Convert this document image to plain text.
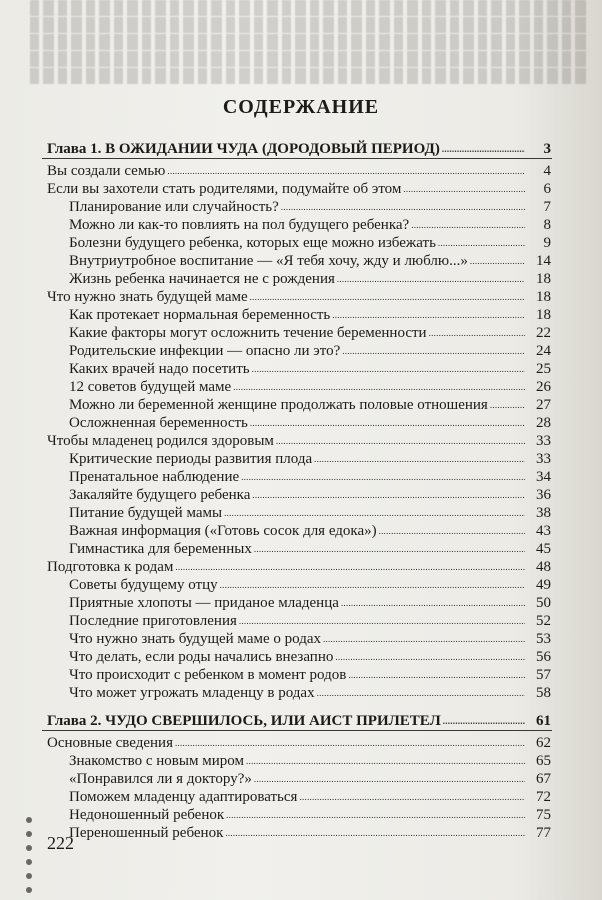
СОДЕРЖАНИЕ
Глава 1. В ОЖИДАНИИ ЧУДА (ДОРОДОВЫЙ ПЕРИОД) . . .	3
Вы создали семью . . .	4
Если вы захотели стать родителями, подумайте об этом . . .	6
Планирование или случайность? . . .	7
Можно ли как-то повлиять на пол будущего ребенка? . . .	8
Болезни будущего ребенка, которых еще можно избежать . . .	9
Внутриутробное воспитание — «Я тебя хочу, жду и люблю...» . . .	14
Жизнь ребенка начинается не с рождения . . .	18
Что нужно знать будущей маме . . .	18
Как протекает нормальная беременность . . .	18
Какие факторы могут осложнить течение беременности . . .	22
Родительские инфекции — опасно ли это? . . .	24
Каких врачей надо посетить . . .	25
12 советов будущей маме . . .	26
Можно ли беременной женщине продолжать половые отношения . . .	27
Осложненная беременность . . .	28
Чтобы младенец родился здоровым . . .	33
Критические периоды развития плода . . .	33
Пренатальное наблюдение . . .	34
Закаляйте будущего ребенка . . .	36
Питание будущей мамы . . .	38
Важная информация («Готовь сосок для едока») . . .	43
Гимнастика для беременных . . .	45
Подготовка к родам . . .	48
Советы будущему отцу . . .	49
Приятные хлопоты — приданое младенца . . .	50
Последние приготовления . . .	52
Что нужно знать будущей маме о родах . . .	53
Что делать, если роды начались внезапно . . .	56
Что происходит с ребенком в момент родов . . .	57
Что может угрожать младенцу в родах . . .	58
Глава 2. ЧУДО СВЕРШИЛОСЬ, ИЛИ АИСТ ПРИЛЕТЕЛ . . .	61
Основные сведения . . .	62
Знакомство с новым миром . . .	65
«Понравился ли я доктору?» . . .	67
Поможем младенцу адаптироваться . . .	72
Недоношенный ребенок . . .	75
Переношенный ребенок . . .	77
222
